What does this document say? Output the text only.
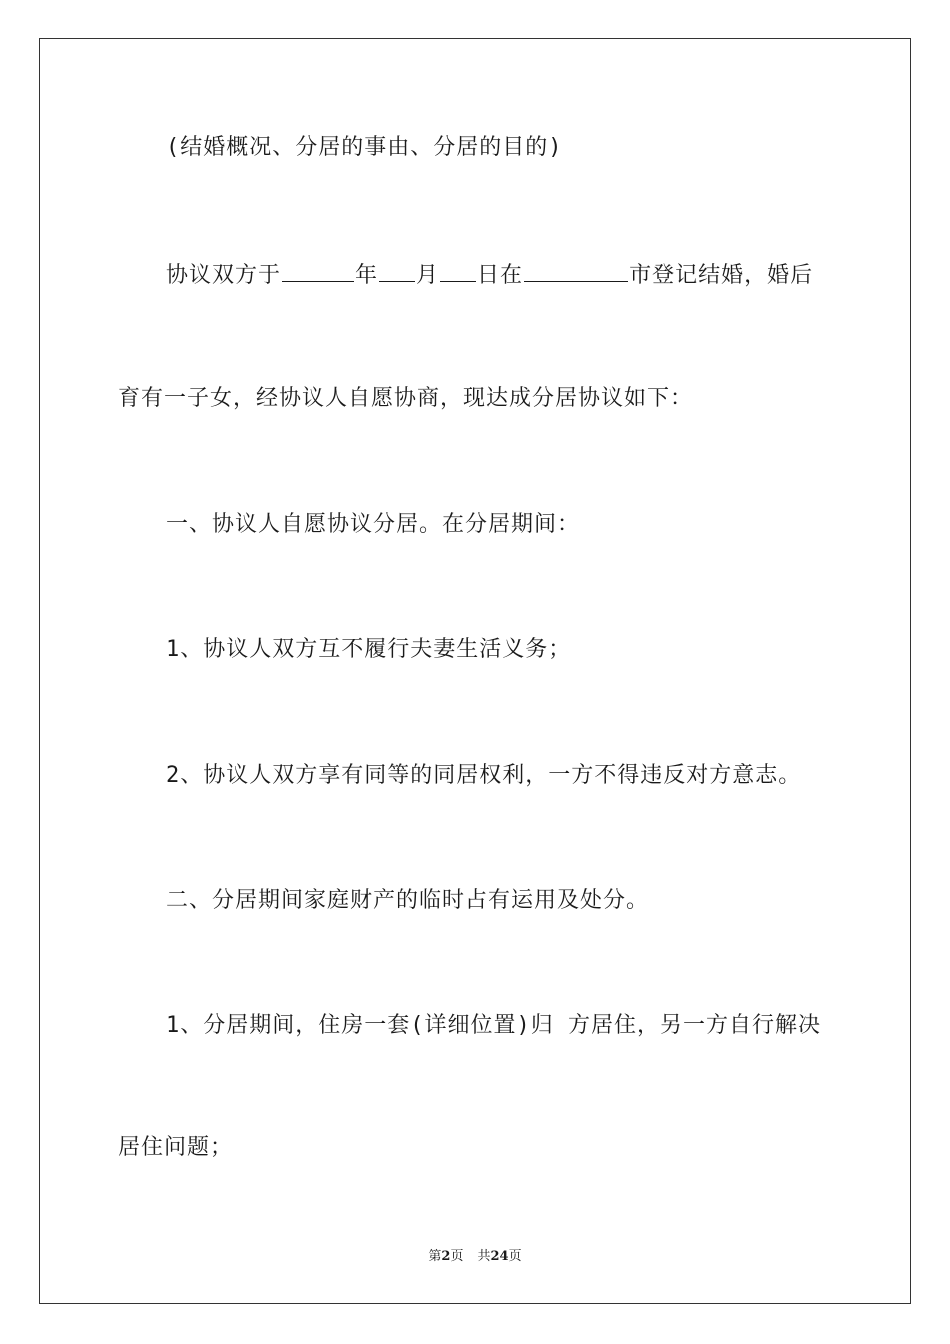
(结婚概况、分居的事由、分居的目的)
协议双方于	年 月 日在	市登记结婚，婚后
育有一子女，经协议人自愿协商，现达成分居协议如下：
一、协议人自愿协议分居。在分居期间：
1、协议人双方互不履行夫妻生活义务；
2、协议人双方享有同等的同居权利，一方不得违反对方意志。
二、分居期间家庭财产的临时占有运用及处分。
1、分居期间，住房一套(详细位置)归 方居住，另一方自行解决
居住问题；
第2页 共24页
